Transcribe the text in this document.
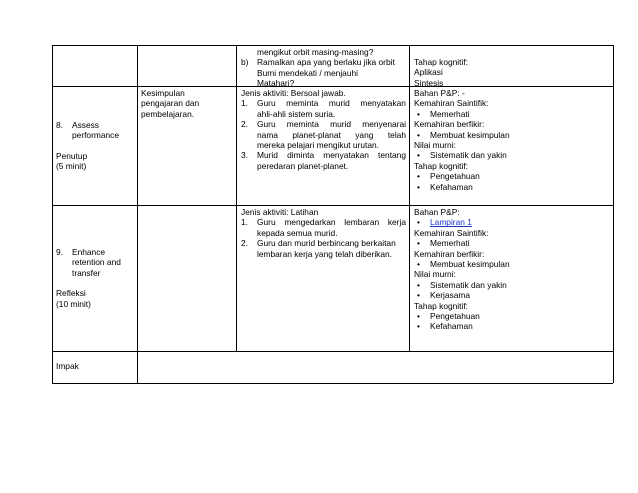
mengikut orbit masing-masing?
b) Ramalkan apa yang berlaku jika orbit
Bumi mendekati / menjauhi
Matahari?
Tahap kognitif:
Aplikasi
Sintesis
8. Assess
performance
Penutup
(5 minit)
Kesimpulan
pengajaran dan
pembelajaran.
Jenis aktiviti: Bersoal jawab.
1. Guru meminta murid menyatakan
ahli-ahli sistem suria.
2. Guru meminta murid menyenarai
nama planet-planat yang telah
mereka pelajari mengikut urutan.
3. Murid diminta menyatakan tentang
peredaran planet-planet.
Bahan P&P: -
Kemahiran Saintifik:
• Memerhati
Kemahiran berfikir:
• Membuat kesimpulan
Nilai murni:
• Sistematik dan yakin
Tahap kognitif:
• Pengetahuan
• Kefahaman
9. Enhance
retention and
transfer
Refleksi
(10 minit)
Jenis aktiviti: Latihan
1. Guru mengedarkan lembaran kerja
kepada semua murid.
2. Guru dan murid berbincang berkaitan
lembaran kerja yang telah diberikan.
Bahan P&P:
• Lampiran 1
Kemahiran Saintifik:
• Memerhati
Kemahiran berfikir:
• Membuat kesimpulan
Nilai murni:
• Sistematik dan yakin
• Kerjasama
Tahap kognitif:
• Pengetahuan
• Kefahaman
Impak
